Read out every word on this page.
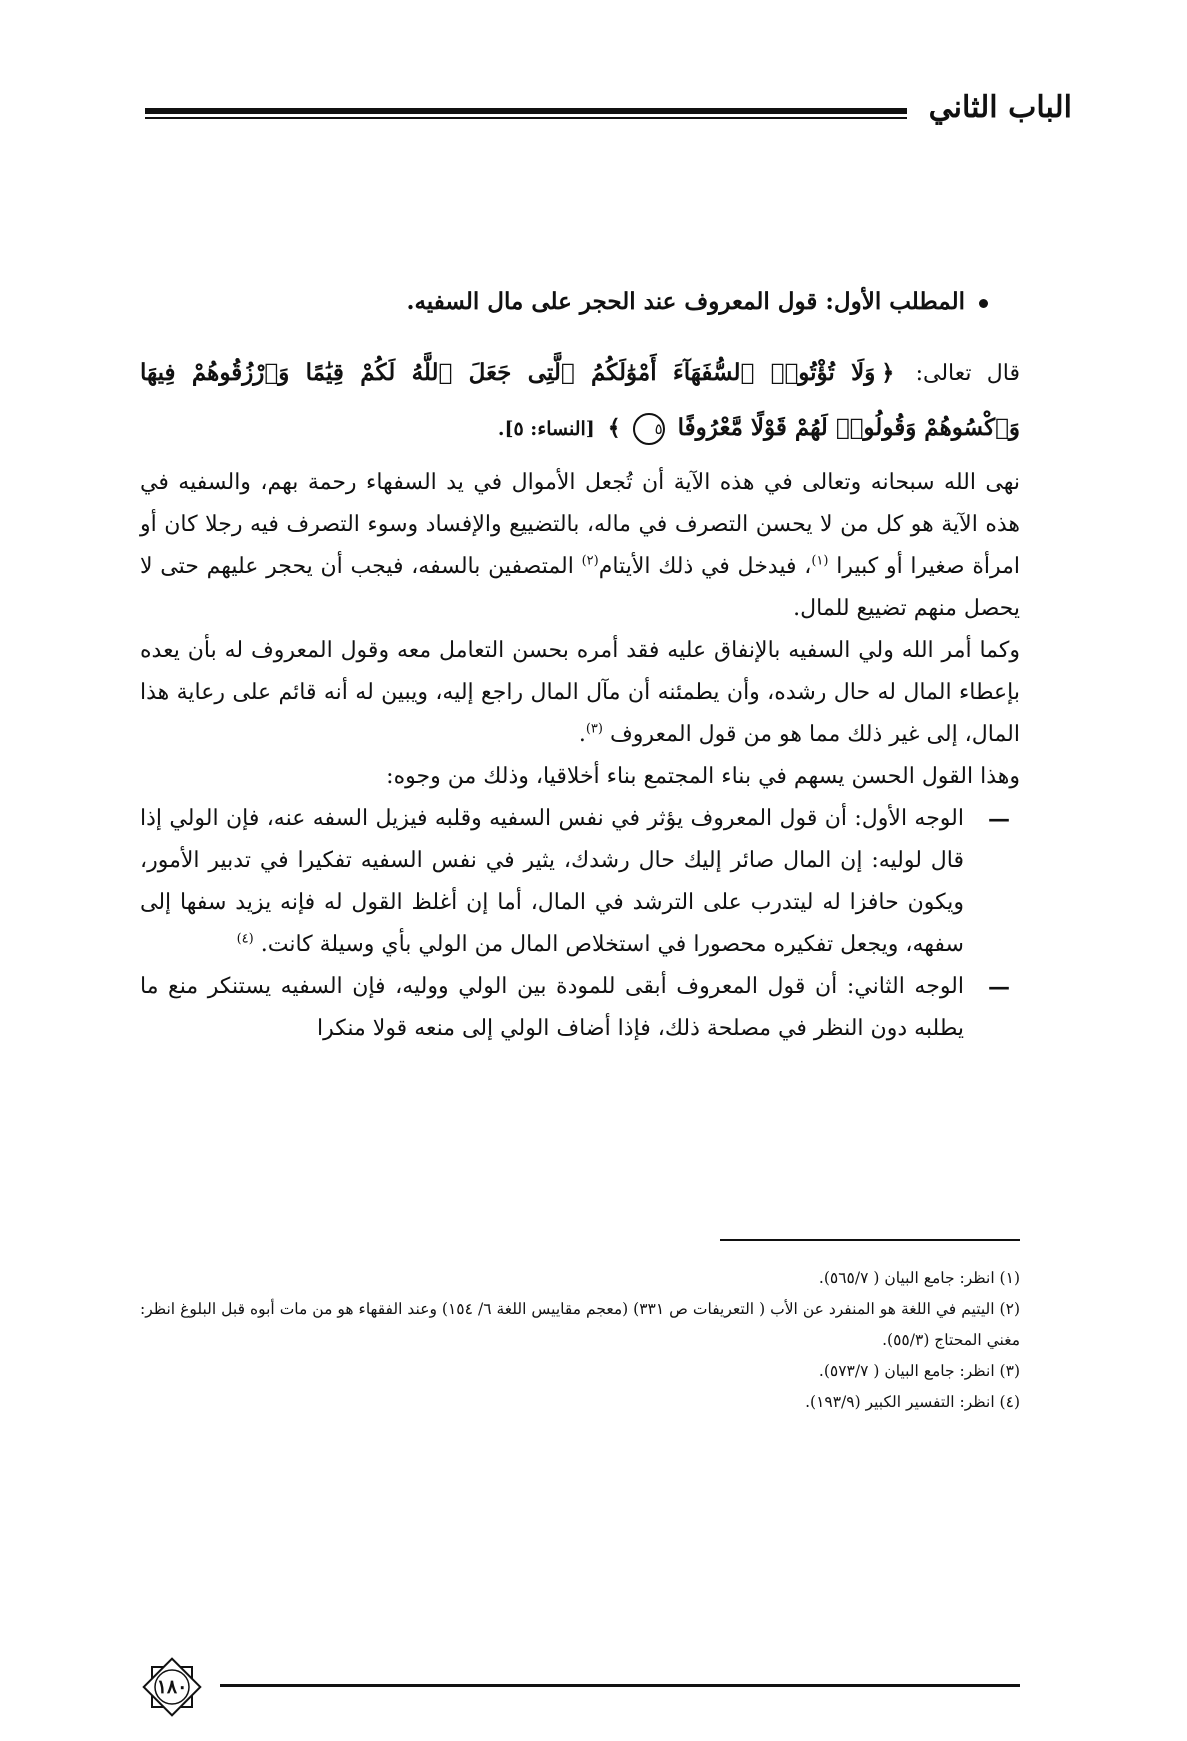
الباب الثاني
المطلب الأول: قول المعروف عند الحجر على مال السفيه.
قال تعالى: ﴿وَلَا تُؤْتُوا۟ ٱلسُّفَهَآءَ أَمْوَٰلَكُمُ ٱلَّتِى جَعَلَ ٱللَّهُ لَكُمْ قِيَٰمًا وَٱرْزُقُوهُمْ فِيهَا وَٱكْسُوهُمْ وَقُولُوا۟ لَهُمْ قَوْلًا مَّعْرُوفًا ٥﴾ [النساء: ٥].

نهى الله سبحانه وتعالى في هذه الآية أن تُجعل الأموال في يد السفهاء رحمة بهم، والسفيه في هذه الآية هو كل من لا يحسن التصرف في ماله، بالتضييع والإفساد وسوء التصرف فيه رجلا كان أو امرأة صغيرا أو كبيرا $^{(١)}$، فيدخل في ذلك الأيتام$^{(٢)}$ المتصفين بالسفه، فيجب أن يحجر عليهم حتى لا يحصل منهم تضييع للمال.

وكما أمر الله ولي السفيه بالإنفاق عليه فقد أمره بحسن التعامل معه وقول المعروف له بأن يعده بإعطاء المال له حال رشده، وأن يطمئنه أن مآل المال راجع إليه، ويبين له أنه قائم على رعاية هذا المال، إلى غير ذلك مما هو من قول المعروف $^{(٣)}$.

وهذا القول الحسن يسهم في بناء المجتمع بناء أخلاقيا، وذلك من وجوه:

—
الوجه الأول: أن قول المعروف يؤثر في نفس السفيه وقلبه فيزيل السفه عنه، فإن الولي إذا قال لوليه: إن المال صائر إليك حال رشدك، يثير في نفس السفيه تفكيرا في تدبير الأمور، ويكون حافزا له ليتدرب على الترشد في المال، أما إن أغلظ القول له فإنه يزيد سفها إلى سفهه، ويجعل تفكيره محصورا في استخلاص المال من الولي بأي وسيلة كانت. $^{(٤)}$
—
الوجه الثاني: أن قول المعروف أبقى للمودة بين الولي ووليه، فإن السفيه يستنكر منع ما يطلبه دون النظر في مصلحة ذلك، فإذا أضاف الولي إلى منعه قولا منكرا

(١) انظر: جامع البيان ( ٥٦٥/٧).

(٢) اليتيم في اللغة هو المنفرد عن الأب ( التعريفات ص ٣٣١) (معجم مقاييس اللغة ٦/ ١٥٤) وعند الفقهاء هو من مات أبوه قبل البلوغ انظر: مغني المحتاج (٥٥/٣).

(٣) انظر: جامع البيان ( ٥٧٣/٧).

(٤) انظر: التفسير الكبير (١٩٣/٩).

١٨٠
